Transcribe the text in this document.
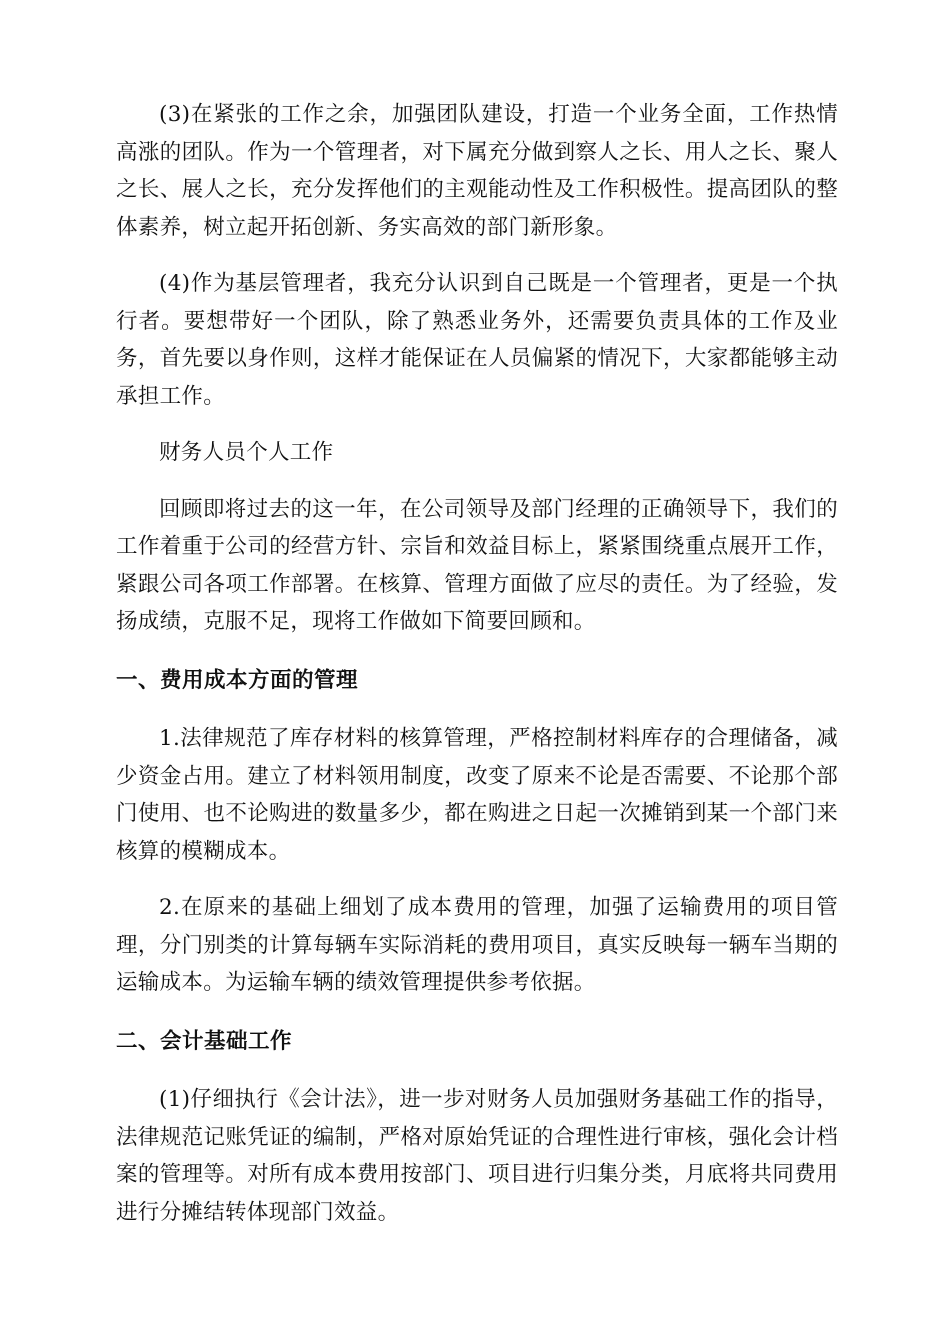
(3)在紧张的工作之余，加强团队建设，打造一个业务全面，工作热情高涨的团队。作为一个管理者，对下属充分做到察人之长、用人之长、聚人之长、展人之长，充分发挥他们的主观能动性及工作积极性。提高团队的整体素养，树立起开拓创新、务实高效的部门新形象。

(4)作为基层管理者，我充分认识到自己既是一个管理者，更是一个执行者。要想带好一个团队，除了熟悉业务外，还需要负责具体的工作及业务，首先要以身作则，这样才能保证在人员偏紧的情况下，大家都能够主动承担工作。

财务人员个人工作

回顾即将过去的这一年，在公司领导及部门经理的正确领导下，我们的工作着重于公司的经营方针、宗旨和效益目标上，紧紧围绕重点展开工作，紧跟公司各项工作部署。在核算、管理方面做了应尽的责任。为了经验，发扬成绩，克服不足，现将工作做如下简要回顾和。

一、费用成本方面的管理

1.法律规范了库存材料的核算管理，严格控制材料库存的合理储备，减少资金占用。建立了材料领用制度，改变了原来不论是否需要、不论那个部门使用、也不论购进的数量多少，都在购进之日起一次摊销到某一个部门来核算的模糊成本。

2.在原来的基础上细划了成本费用的管理，加强了运输费用的项目管理，分门别类的计算每辆车实际消耗的费用项目，真实反映每一辆车当期的运输成本。为运输车辆的绩效管理提供参考依据。

二、会计基础工作

(1)仔细执行《会计法》，进一步对财务人员加强财务基础工作的指导，法律规范记账凭证的编制，严格对原始凭证的合理性进行审核，强化会计档案的管理等。对所有成本费用按部门、项目进行归集分类，月底将共同费用进行分摊结转体现部门效益。
